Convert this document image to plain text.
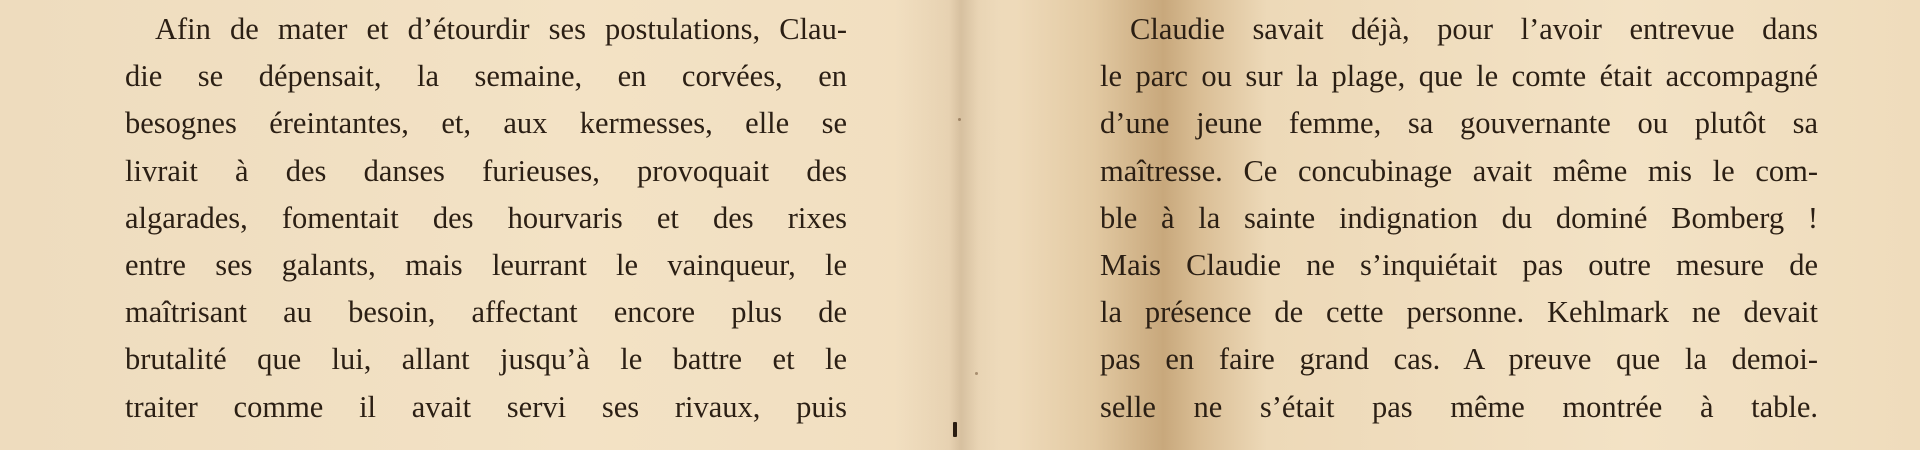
Afin de mater et d’étourdir ses postulations, Clau-
die se dépensait, la semaine, en corvées, en
besognes éreintantes, et, aux kermesses, elle se
livrait à des danses furieuses, provoquait des
algarades, fomentait des hourvaris et des rixes
entre ses galants, mais leurrant le vainqueur, le
maîtrisant au besoin, affectant encore plus de
brutalité que lui, allant jusqu’à le battre et le
traiter comme il avait servi ses rivaux, puis
Claudie savait déjà, pour l’avoir entrevue dans
le parc ou sur la plage, que le comte était accompagné
d’une jeune femme, sa gouvernante ou plutôt sa
maîtresse. Ce concubinage avait même mis le com-
ble à la sainte indignation du dominé Bomberg !
Mais Claudie ne s’inquiétait pas outre mesure de
la présence de cette personne. Kehlmark ne devait
pas en faire grand cas. A preuve que la demoi-
selle ne s’était pas même montrée à table.
